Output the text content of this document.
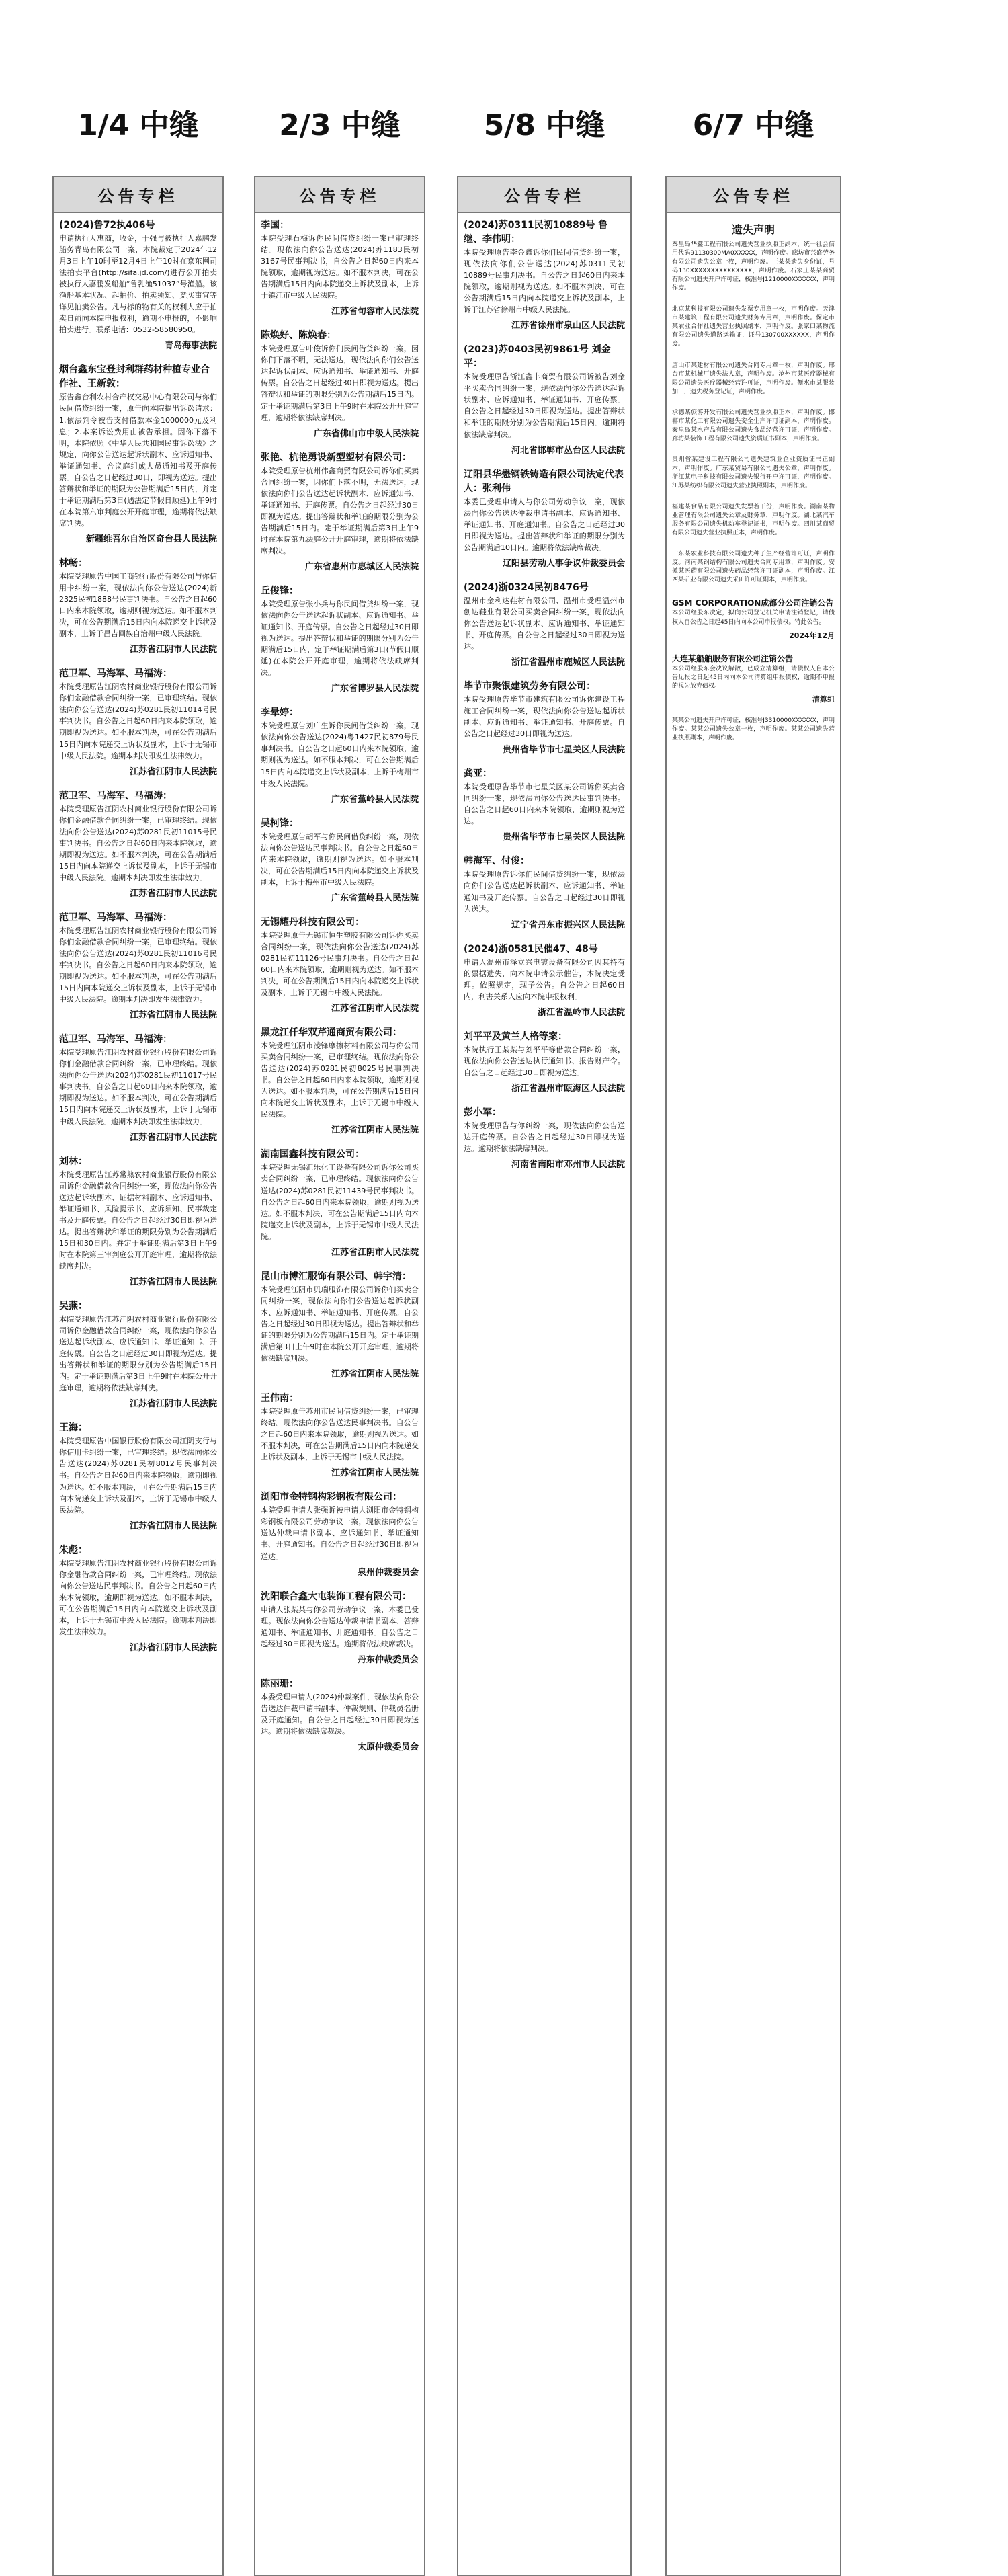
1/4 中缝
公告专栏
(2024)鲁72执406号
申请执行人惠商，收金，于强与被执行人嘉鹏发船务青岛有限公司一案，本院裁定于2024年12月3日上午10时至12月4日上午10时在京东网司法拍卖平台(http://sifa.jd.com/)进行公开拍卖被执行人嘉鹏发船舶“鲁乳渔51037”号渔船。该渔船基本状况、起拍价、拍卖须知、竞买事宜等详见拍卖公告。凡与标的物有关的权利人应于拍卖日前向本院申报权利，逾期不申报的，不影响拍卖进行。联系电话：0532-58580950。
青岛海事法院
烟台鑫东宝登封利群药材种植专业合作社、王新敦：
原告鑫台利农村合产权交易中心有限公司与你们民间借贷纠纷一案，原告向本院提出诉讼请求：1.依法判令被告支付借款本金1000000元及利息；2.本案诉讼费用由被告承担。因你下落不明，本院依照《中华人民共和国民事诉讼法》之规定，向你公告送达起诉状副本、应诉通知书、举证通知书、合议庭组成人员通知书及开庭传票。自公告之日起经过30日，即视为送达。提出答辩状和举证的期限为公告期满后15日内，并定于举证期满后第3日(遇法定节假日顺延)上午9时在本院第六审判庭公开开庭审理，逾期将依法缺席判决。
新疆维吾尔自治区奇台县人民法院
林畅：
本院受理原告中国工商银行股份有限公司与你信用卡纠纷一案，现依法向你公告送达(2024)新2325民初1888号民事判决书。自公告之日起60日内来本院领取，逾期则视为送达。如不服本判决，可在公告期满后15日内向本院递交上诉状及副本，上诉于昌吉回族自治州中级人民法院。
江苏省江阴市人民法院
范卫军、马海军、马福涛：
本院受理原告江阴农村商业银行股份有限公司诉你们金融借款合同纠纷一案，已审理终结。现依法向你公告送达(2024)苏0281民初11014号民事判决书。自公告之日起60日内来本院领取，逾期即视为送达。如不服本判决，可在公告期满后15日内向本院递交上诉状及副本，上诉于无锡市中级人民法院。逾期本判决即发生法律效力。
江苏省江阴市人民法院
范卫军、马海军、马福涛：
本院受理原告江阴农村商业银行股份有限公司诉你们金融借款合同纠纷一案，已审理终结。现依法向你公告送达(2024)苏0281民初11015号民事判决书。自公告之日起60日内来本院领取，逾期即视为送达。如不服本判决，可在公告期满后15日内向本院递交上诉状及副本，上诉于无锡市中级人民法院。逾期本判决即发生法律效力。
江苏省江阴市人民法院
范卫军、马海军、马福涛：
本院受理原告江阴农村商业银行股份有限公司诉你们金融借款合同纠纷一案，已审理终结。现依法向你公告送达(2024)苏0281民初11016号民事判决书。自公告之日起60日内来本院领取，逾期即视为送达。如不服本判决，可在公告期满后15日内向本院递交上诉状及副本，上诉于无锡市中级人民法院。逾期本判决即发生法律效力。
江苏省江阴市人民法院
范卫军、马海军、马福涛：
本院受理原告江阴农村商业银行股份有限公司诉你们金融借款合同纠纷一案，已审理终结。现依法向你公告送达(2024)苏0281民初11017号民事判决书。自公告之日起60日内来本院领取，逾期即视为送达。如不服本判决，可在公告期满后15日内向本院递交上诉状及副本，上诉于无锡市中级人民法院。逾期本判决即发生法律效力。
江苏省江阴市人民法院
刘林：
本院受理原告江苏常熟农村商业银行股份有限公司诉你金融借款合同纠纷一案，现依法向你公告送达起诉状副本、证据材料副本、应诉通知书、举证通知书、风险提示书、应诉须知、民事裁定书及开庭传票。自公告之日起经过30日即视为送达。提出答辩状和举证的期限分别为公告期满后15日和30日内。并定于举证期满后第3日上午9时在本院第三审判庭公开开庭审理，逾期将依法缺席判决。
江苏省江阴市人民法院
吴燕：
本院受理原告江苏江阴农村商业银行股份有限公司诉你金融借款合同纠纷一案，现依法向你公告送达起诉状副本、应诉通知书、举证通知书、开庭传票。自公告之日起经过30日即视为送达。提出答辩状和举证的期限分别为公告期满后15日内。定于举证期满后第3日上午9时在本院公开开庭审理，逾期将依法缺席判决。
江苏省江阴市人民法院
王海：
本院受理原告中国银行股份有限公司江阴支行与你信用卡纠纷一案，已审理终结。现依法向你公告送达(2024)苏0281民初8012号民事判决书。自公告之日起60日内来本院领取，逾期即视为送达。如不服本判决，可在公告期满后15日内向本院递交上诉状及副本，上诉于无锡市中级人民法院。
江苏省江阴市人民法院
朱彪：
本院受理原告江阴农村商业银行股份有限公司诉你金融借款合同纠纷一案，已审理终结。现依法向你公告送达民事判决书。自公告之日起60日内来本院领取，逾期即视为送达。如不服本判决，可在公告期满后15日内向本院递交上诉状及副本，上诉于无锡市中级人民法院。逾期本判决即发生法律效力。
江苏省江阴市人民法院
2/3 中缝
公告专栏
李国：
本院受理石梅诉你民间借贷纠纷一案已审理终结。现依法向你公告送达(2024)苏1183民初3167号民事判决书，自公告之日起60日内来本院领取，逾期视为送达。如不服本判决，可在公告期满后15日内向本院递交上诉状及副本，上诉于镇江市中级人民法院。
江苏省句容市人民法院
陈焕好、陈焕春：
本院受理原告叶俊诉你们民间借贷纠纷一案，因你们下落不明，无法送达，现依法向你们公告送达起诉状副本、应诉通知书、举证通知书、开庭传票。自公告之日起经过30日即视为送达。提出答辩状和举证的期限分别为公告期满后15日内。定于举证期满后第3日上午9时在本院公开开庭审理，逾期将依法缺席判决。
广东省佛山市中级人民法院
张艳、杭艳勇设新型塑材有限公司：
本院受理原告杭州伟鑫商贸有限公司诉你们买卖合同纠纷一案，因你们下落不明，无法送达，现依法向你们公告送达起诉状副本、应诉通知书、举证通知书、开庭传票。自公告之日起经过30日即视为送达。提出答辩状和举证的期限分别为公告期满后15日内。定于举证期满后第3日上午9时在本院第九法庭公开开庭审理，逾期将依法缺席判决。
广东省惠州市惠城区人民法院
丘俊锋：
本院受理原告张小兵与你民间借贷纠纷一案，现依法向你公告送达起诉状副本、应诉通知书、举证通知书、开庭传票。自公告之日起经过30日即视为送达。提出答辩状和举证的期限分别为公告期满后15日内，定于举证期满后第3日(节假日顺延)在本院公开开庭审理，逾期将依法缺席判决。
广东省博罗县人民法院
李晕婷：
本院受理原告刘广生诉你民间借贷纠纷一案，现依法向你公告送达(2024)粤1427民初879号民事判决书。自公告之日起60日内来本院领取，逾期则视为送达。如不服本判决，可在公告期满后15日内向本院递交上诉状及副本，上诉于梅州市中级人民法院。
广东省蕉岭县人民法院
吴柯锋：
本院受理原告胡军与你民间借贷纠纷一案，现依法向你公告送达民事判决书。自公告之日起60日内来本院领取，逾期则视为送达。如不服本判决，可在公告期满后15日内向本院递交上诉状及副本，上诉于梅州市中级人民法院。
广东省蕉岭县人民法院
无锡耀丹科技有限公司：
本院受理原告无锡市恒生塑胶有限公司诉你买卖合同纠纷一案，现依法向你公告送达(2024)苏0281民初11126号民事判决书。自公告之日起60日内来本院领取，逾期则视为送达。如不服本判决，可在公告期满后15日内向本院递交上诉状及副本，上诉于无锡市中级人民法院。
江苏省江阴市人民法院
黑龙江仟华双芹通商贸有限公司：
本院受理江阴市凌锋摩擦材料有限公司与你公司买卖合同纠纷一案，已审理终结。现依法向你公告送达(2024)苏0281民初8025号民事判决书。自公告之日起60日内来本院领取，逾期则视为送达。如不服本判决，可在公告期满后15日内向本院递交上诉状及副本，上诉于无锡市中级人民法院。
江苏省江阴市人民法院
湖南国鑫科技有限公司：
本院受理无锡汇乐化工设备有限公司诉你公司买卖合同纠纷一案，已审理终结。现依法向你公告送达(2024)苏0281民初11439号民事判决书。自公告之日起60日内来本院领取，逾期则视为送达。如不服本判决，可在公告期满后15日内向本院递交上诉状及副本，上诉于无锡市中级人民法院。
江苏省江阴市人民法院
昆山市博汇服饰有限公司、韩宇清：
本院受理江阴市贝瑞服饰有限公司诉你们买卖合同纠纷一案，现依法向你们公告送达起诉状副本、应诉通知书、举证通知书、开庭传票。自公告之日起经过30日即视为送达。提出答辩状和举证的期限分别为公告期满后15日内。定于举证期满后第3日上午9时在本院公开开庭审理，逾期将依法缺席判决。
江苏省江阴市人民法院
王伟南：
本院受理原告苏州市民间借贷纠纷一案，已审理终结。现依法向你公告送达民事判决书。自公告之日起60日内来本院领取，逾期则视为送达。如不服本判决，可在公告期满后15日内向本院递交上诉状及副本，上诉于无锡市中级人民法院。
江苏省江阴市人民法院
浏阳市金特钢构彩钢板有限公司：
本院受理申请人张强诉被申请人浏阳市金特钢构彩钢板有限公司劳动争议一案，现依法向你公告送达仲裁申请书副本、应诉通知书、举证通知书、开庭通知书。自公告之日起经过30日即视为送达。
泉州仲裁委员会
沈阳联合鑫大屯装饰工程有限公司：
申请人张某某与你公司劳动争议一案，本委已受理。现依法向你公告送达仲裁申请书副本、答辩通知书、举证通知书、开庭通知书。自公告之日起经过30日即视为送达。逾期将依法缺席裁决。
丹东仲裁委员会
陈丽珊：
本委受理申请人(2024)仲裁案件，现依法向你公告送达仲裁申请书副本、仲裁规则、仲裁员名册及开庭通知。自公告之日起经过30日即视为送达。逾期将依法缺席裁决。
太原仲裁委员会
5/8 中缝
公告专栏
(2024)苏0311民初10889号 鲁继、李伟明：
本院受理原告李金鑫诉你们民间借贷纠纷一案，现依法向你们公告送达(2024)苏0311民初10889号民事判决书。自公告之日起60日内来本院领取，逾期则视为送达。如不服本判决，可在公告期满后15日内向本院递交上诉状及副本，上诉于江苏省徐州市中级人民法院。
江苏省徐州市泉山区人民法院
(2023)苏0403民初9861号 刘金平：
本院受理原告浙江鑫丰商贸有限公司诉被告刘金平买卖合同纠纷一案，现依法向你公告送达起诉状副本、应诉通知书、举证通知书、开庭传票。自公告之日起经过30日即视为送达。提出答辩状和举证的期限分别为公告期满后15日内。逾期将依法缺席判决。
河北省邯郸市丛台区人民法院
辽阳县华懋钢铁铸造有限公司法定代表人：张利伟
本委已受理申请人与你公司劳动争议一案，现依法向你公告送达仲裁申请书副本、应诉通知书、举证通知书、开庭通知书。自公告之日起经过30日即视为送达。提出答辩状和举证的期限分别为公告期满后10日内。逾期将依法缺席裁决。
辽阳县劳动人事争议仲裁委员会
(2024)浙0324民初8476号
温州市金利达鞋材有限公司、温州市受理温州市创达鞋业有限公司买卖合同纠纷一案，现依法向你公告送达起诉状副本、应诉通知书、举证通知书、开庭传票。自公告之日起经过30日即视为送达。
浙江省温州市鹿城区人民法院
毕节市聚银建筑劳务有限公司：
本院受理原告毕节市建筑有限公司诉你建设工程施工合同纠纷一案，现依法向你公告送达起诉状副本、应诉通知书、举证通知书、开庭传票。自公告之日起经过30日即视为送达。
贵州省毕节市七星关区人民法院
龚亚：
本院受理原告毕节市七星关区某公司诉你买卖合同纠纷一案，现依法向你公告送达民事判决书。自公告之日起60日内来本院领取，逾期则视为送达。
贵州省毕节市七星关区人民法院
韩海军、付俊：
本院受理原告诉你们民间借贷纠纷一案，现依法向你们公告送达起诉状副本、应诉通知书、举证通知书及开庭传票。自公告之日起经过30日即视为送达。
辽宁省丹东市振兴区人民法院
(2024)浙0581民催47、48号
申请人温州市泽立兴电镀设备有限公司因其持有的票据遗失，向本院申请公示催告，本院决定受理。依照规定，现予公告。自公告之日起60日内，利害关系人应向本院申报权利。
浙江省温岭市人民法院
刘平平及黄兰人格等案：
本院执行王某某与刘平平等借款合同纠纷一案，现依法向你公告送达执行通知书、报告财产令。自公告之日起经过30日即视为送达。
浙江省温州市瓯海区人民法院
彭小军：
本院受理原告与你纠纷一案，现依法向你公告送达开庭传票。自公告之日起经过30日即视为送达。逾期将依法缺席判决。
河南省南阳市邓州市人民法院
6/7 中缝
公告专栏
遗失声明
秦皇岛华鑫工程有限公司遗失营业执照正副本，统一社会信用代码91130300MA0XXXXX，声明作废。廊坊市兴盛劳务有限公司遗失公章一枚，声明作废。王某某遗失身份证，号码130XXXXXXXXXXXXXXX，声明作废。石家庄某某商贸有限公司遗失开户许可证，核准号J1210000XXXXXX，声明作废。
北京某科技有限公司遗失发票专用章一枚，声明作废。天津市某建筑工程有限公司遗失财务专用章，声明作废。保定市某农业合作社遗失营业执照副本，声明作废。张家口某物流有限公司遗失道路运输证，证号130700XXXXXX，声明作废。
唐山市某建材有限公司遗失合同专用章一枚，声明作废。邢台市某机械厂遗失法人章，声明作废。沧州市某医疗器械有限公司遗失医疗器械经营许可证，声明作废。衡水市某服装加工厂遗失税务登记证，声明作废。
承德某旅游开发有限公司遗失营业执照正本，声明作废。邯郸市某化工有限公司遗失安全生产许可证副本，声明作废。秦皇岛某水产品有限公司遗失食品经营许可证，声明作废。廊坊某装饰工程有限公司遗失资质证书副本，声明作废。
贵州省某建设工程有限公司遗失建筑业企业资质证书正副本，声明作废。广东某贸易有限公司遗失公章，声明作废。浙江某电子科技有限公司遗失银行开户许可证，声明作废。江苏某纺织有限公司遗失营业执照副本，声明作废。
福建某食品有限公司遗失发票若干份，声明作废。湖南某物业管理有限公司遗失公章及财务章，声明作废。湖北某汽车服务有限公司遗失机动车登记证书，声明作废。四川某商贸有限公司遗失营业执照正本，声明作废。
山东某农业科技有限公司遗失种子生产经营许可证，声明作废。河南某钢结构有限公司遗失合同专用章，声明作废。安徽某医药有限公司遗失药品经营许可证副本，声明作废。江西某矿业有限公司遗失采矿许可证副本，声明作废。
GSM CORPORATION成都分公司注销公告
本公司经股东决定，拟向公司登记机关申请注销登记，请债权人自公告之日起45日内向本公司申报债权。特此公告。
2024年12月
大连某船舶服务有限公司注销公告
本公司经股东会决议解散，已成立清算组，请债权人自本公告见报之日起45日内向本公司清算组申报债权，逾期不申报的视为放弃债权。
清算组
某某公司遗失开户许可证，核准号J3310000XXXXXX，声明作废。某某公司遗失公章一枚，声明作废。某某公司遗失营业执照副本，声明作废。
